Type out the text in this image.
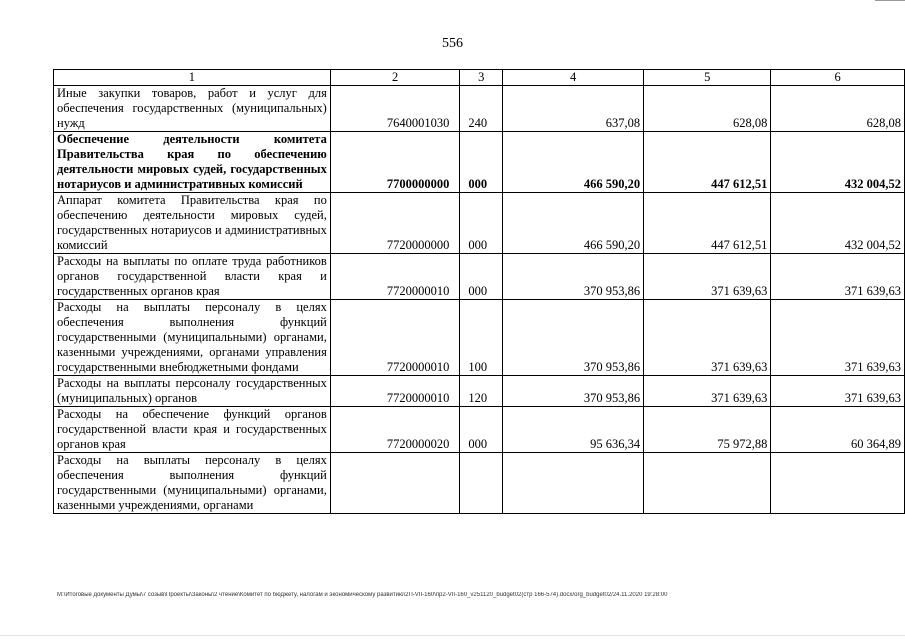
556
1	2	3	4	5	6
Иные закупки товаров, работ и услуг для обеспечения государственных (муниципальных) нужд	7640001030	240	637,08	628,08	628,08
Обеспечение деятельности комитета Правительства края по обеспечению деятельности мировых судей, государственных нотариусов и административных комиссий	7700000000	000	466 590,20	447 612,51	432 004,52
Аппарат комитета Правительства края по обеспечению деятельности мировых судей, государственных нотариусов и административных комиссий	7720000000	000	466 590,20	447 612,51	432 004,52
Расходы на выплаты по оплате труда работников органов государственной власти края и государственных органов края	7720000010	000	370 953,86	371 639,63	371 639,63
Расходы на выплаты персоналу в целях обеспечения выполнения функций государственными (муниципальными) органами, казенными учреждениями, органами управления государственными внебюджетными фондами	7720000010	100	370 953,86	371 639,63	371 639,63
Расходы на выплаты персоналу государственных (муниципальных) органов	7720000010	120	370 953,86	371 639,63	371 639,63
Расходы на обеспечение функций органов государственной власти края и государственных органов края	7720000020	000	95 636,34	75 972,88	60 364,89
Расходы на выплаты персоналу в целях обеспечения выполнения функций государственными (муниципальными) органами, казенными учреждениями, органами					
М:\Итоговые документы Думы\7 созыв\Проекты\Законы\2 чтение\Комитет по бюджету, налогам и экономическому развитию\2П-VII-160\пр2-VII-160_v251120_budget02(стр 166-574).docx/org_budget02/24.11.2020 19:28:00
